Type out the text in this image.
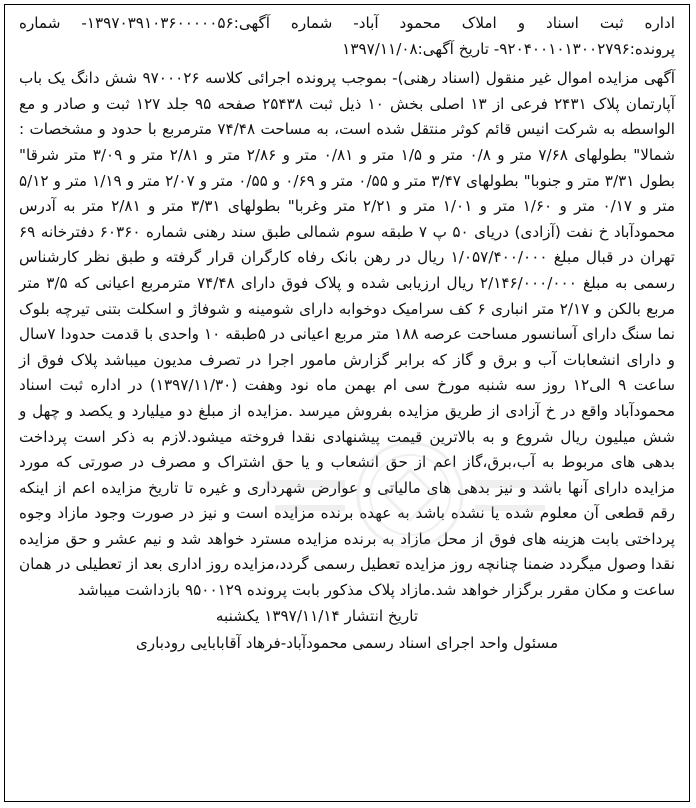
اداره ثبت اسناد و املاک محمود آباد- شماره آگهی:۱۳۹۷۰۳۹۱۰۳۶۰۰۰۰۰۵۶- شماره پرونده:۹۲۰۴۰۰۱۰۱۳۰۰۲۷۹۶- تاریخ آگهی:۱۳۹۷/۱۱/۰۸

آگهی مزایده اموال غیر منقول (اسناد رهنی)- بموجب پرونده اجرائی کلاسه ۹۷۰۰۰۲۶ شش دانگ یک باب آپارتمان پلاک ۲۴۳۱ فرعی از ۱۳ اصلی بخش ۱۰ ذیل ثبت ۲۵۴۳۸ صفحه ۹۵ جلد ۱۲۷ ثبت و صادر و مع الواسطه به شرکت انیس قائم کوثر منتقل شده است، به مساحت ۷۴/۴۸ مترمربع با حدود و مشخصات : شمالا" بطولهای ۷/۶۸ متر و ۰/۸ متر و ۱/۵ متر و ۰/۸۱ متر و ۲/۸۶ متر و ۲/۸۱ متر و ۳/۰۹ متر شرقا" بطول ۳/۳۱ متر و جنوبا" بطولهای ۳/۴۷ متر و ۰/۵۵ متر و ۰/۶۹ و ۰/۵۵ متر و ۲/۰۷ متر و ۱/۱۹ متر و ۵/۱۲ متر و ۰/۱۷ متر و ۱/۶۰ متر و ۱/۰۱ متر و ۲/۲۱ متر وغربا" بطولهای ۳/۳۱ متر و ۲/۸۱ متر به آدرس محمودآباد خ نفت (آزادی) دریای ۵۰ پ ۷ طبقه سوم شمالی طبق سند رهنی شماره ۶۰۳۶۰ دفترخانه ۶۹ تهران در قبال مبلغ ۱/۰۵۷/۴۰۰/۰۰۰ ریال در رهن بانک رفاه کارگران قرار گرفته و طبق نظر کارشناس رسمی به مبلغ ۲/۱۴۶/۰۰۰/۰۰۰ ریال ارزیابی شده و پلاک فوق دارای ۷۴/۴۸ مترمربع اعیانی که ۳/۵ متر مربع بالکن و ۲/۱۷ متر انباری ۶ کف سرامیک دوخوابه دارای شومینه و شوفاژ و اسکلت بتنی تیرچه بلوک نما سنگ دارای آسانسور مساحت عرصه ۱۸۸ متر مربع اعیانی در ۵طبقه ۱۰ واحدی با قدمت حدودا ۷سال و دارای انشعابات آب و برق و گاز که برابر گزارش مامور اجرا در تصرف مدیون میباشد پلاک فوق از ساعت ۹ الی۱۲ روز سه شنبه مورخ سی ام بهمن ماه نود وهفت (۱۳۹۷/۱۱/۳۰) در اداره ثبت اسناد محمودآباد واقع در خ آزادی از طریق مزایده بفروش میرسد .مزایده از مبلغ دو میلیارد و یکصد و چهل و شش میلیون ریال شروع و به بالاترین قیمت پیشنهادی نقدا فروخته میشود.لازم به ذکر است پرداخت بدهی های مربوط به آب،برق،گاز اعم از حق انشعاب و یا حق اشتراک و مصرف در صورتی که مورد مزایده دارای آنها باشد و نیز بدهی های مالیاتی و عوارض شهرداری و غیره تا تاریخ مزایده اعم از اینکه رقم قطعی آن معلوم شده یا نشده باشد به عهده برنده مزایده است و نیز در صورت وجود مازاد وجوه پرداختی بابت هزینه های فوق از محل مازاد به برنده مزایده مسترد خواهد شد و نیم عشر و حق مزایده نقدا وصول میگردد ضمنا چنانچه روز مزایده تعطیل رسمی گردد،مزایده روز اداری بعد از تعطیلی در همان ساعت و مکان مقرر برگزار خواهد شد.مازاد پلاک مذکور بابت پرونده ۹۵۰۰۱۲۹ بازداشت میباشد

تاریخ انتشار ۱۳۹۷/۱۱/۱۴ یکشنبه

مسئول واحد اجرای اسناد رسمی محمودآباد-فرهاد آقابابایی رودباری
